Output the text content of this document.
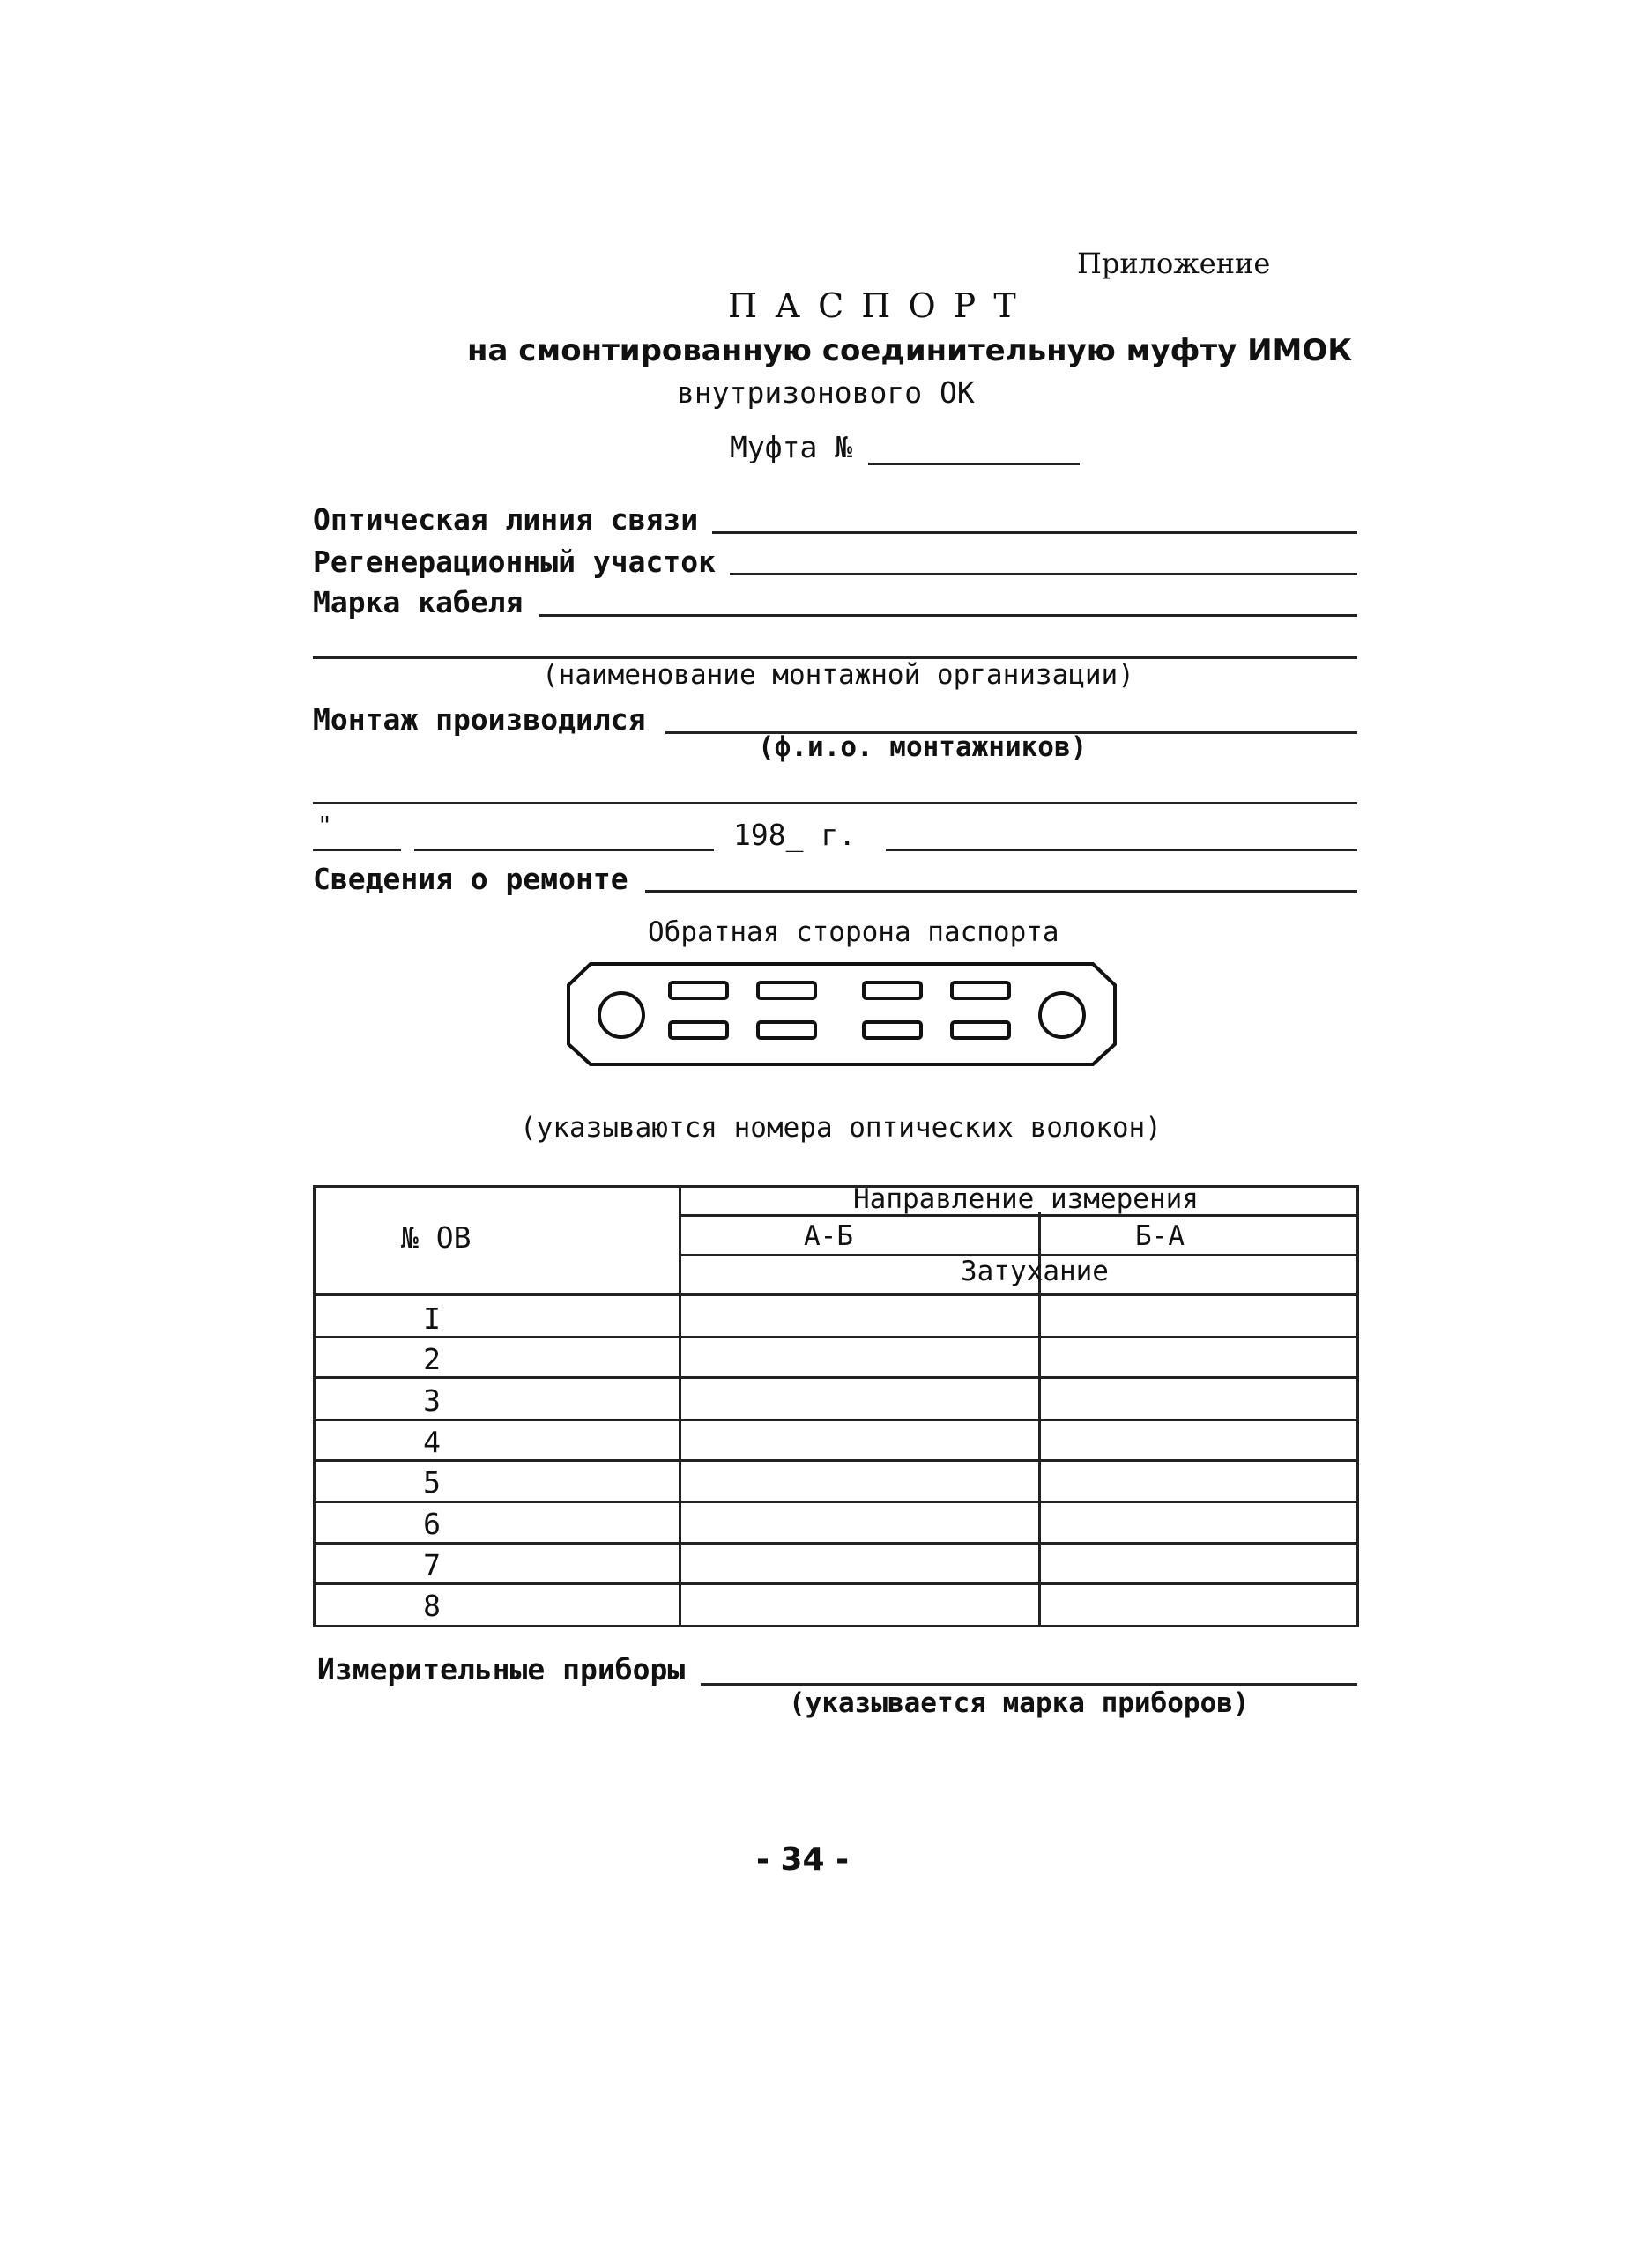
Приложение
П А С П О Р Т
на смонтированную соединительную муфту ИМОК
внутризонового ОК
Муфта №
Оптическая линия связи
Регенерационный участок
Марка кабеля
(наименование монтажной организации)
Монтаж производился
(ф.и.о. монтажников)
"	198_ г.
Сведения о ремонте
Обратная сторона паспорта
(указываются номера оптических волокон)
№ ОВ
Направление измерения
А-Б	Б-А
Затухание
I
2
3
4
5
6
7
8
Измерительные приборы
(указывается марка приборов)
- 34 -
